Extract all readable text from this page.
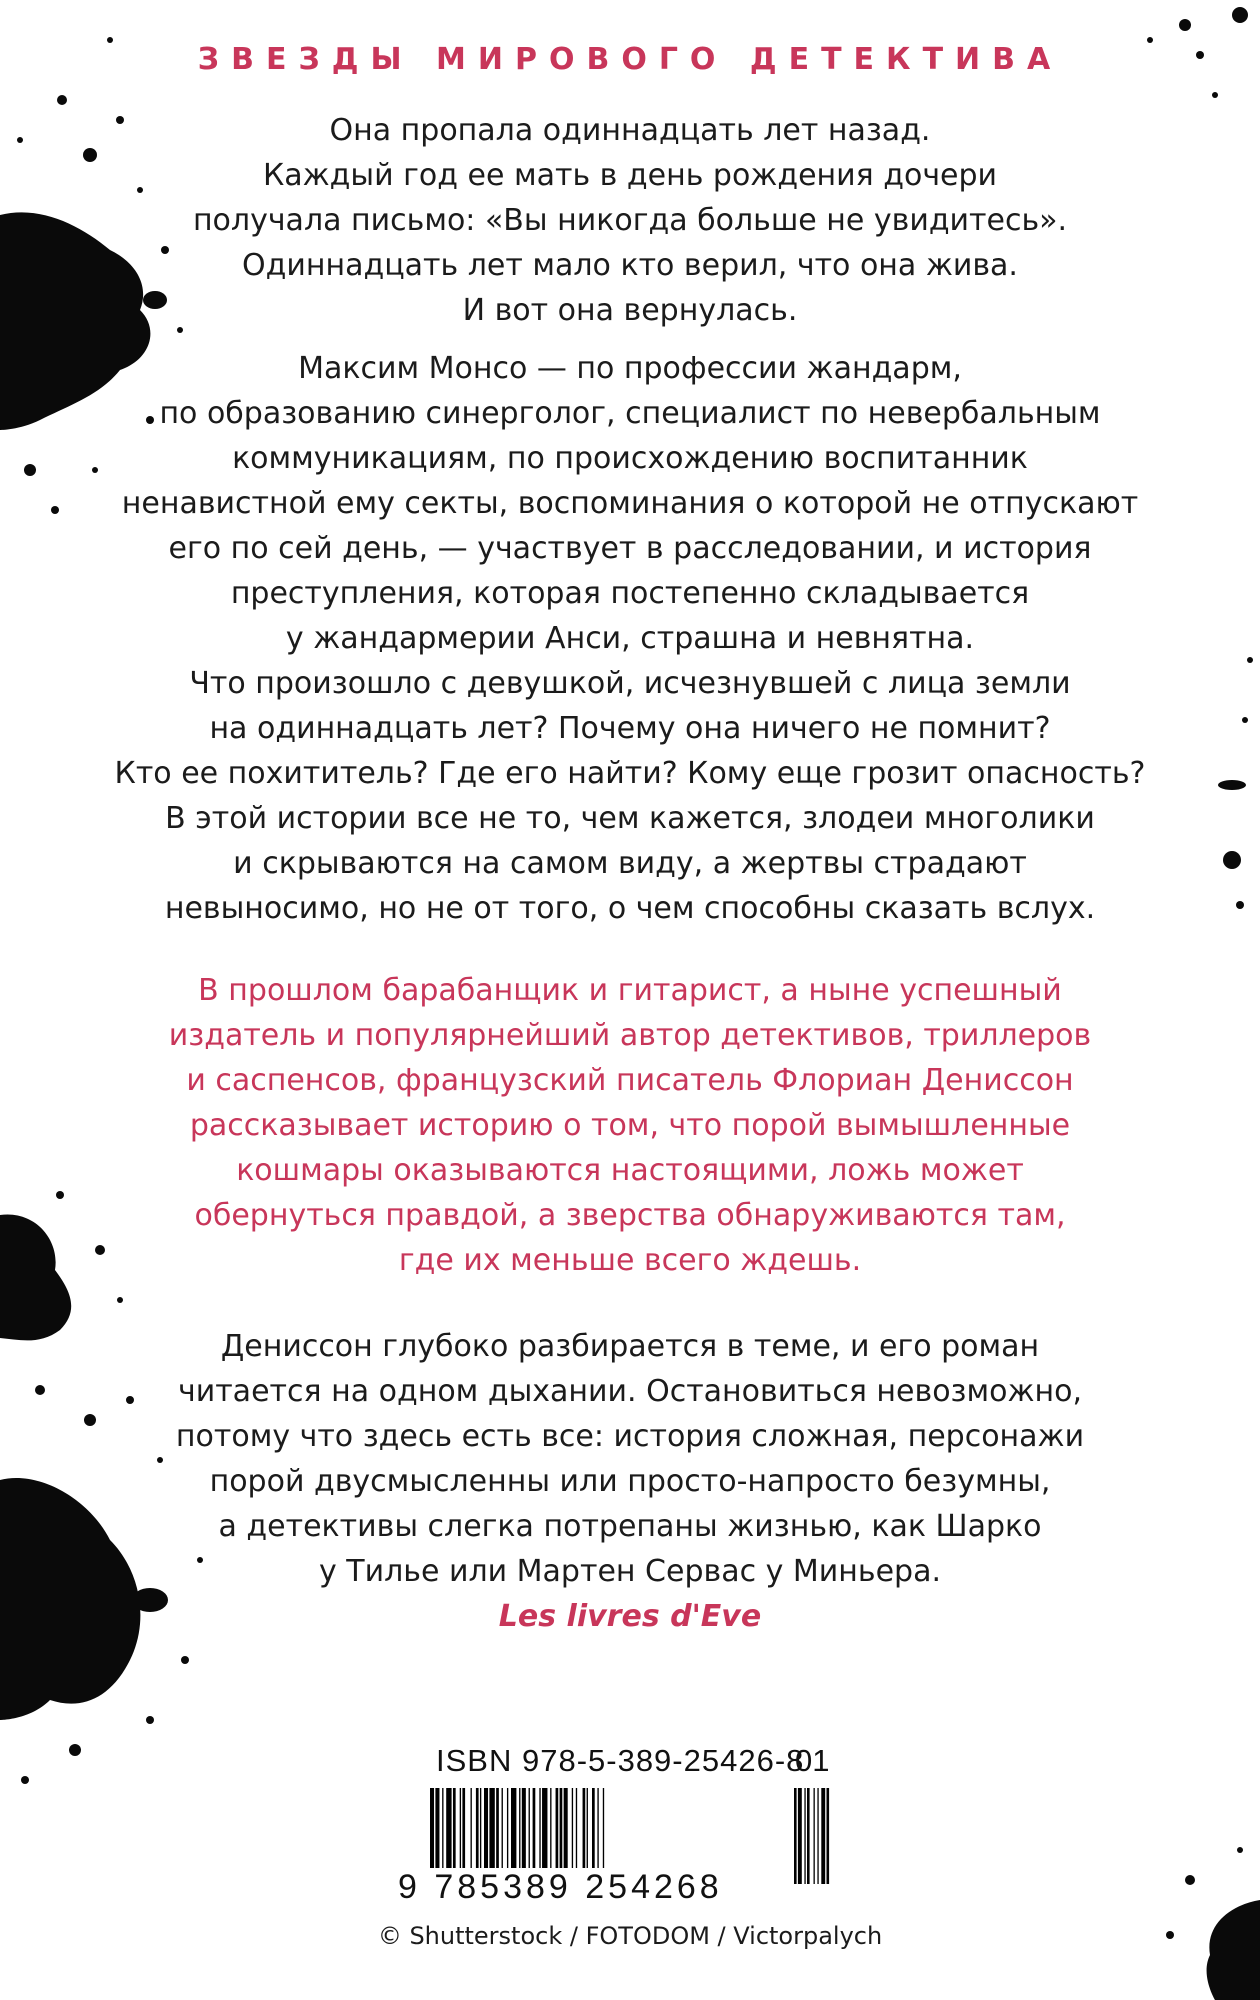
ЗВЕЗДЫ МИРОВОГО ДЕТЕКТИВА
Она пропала одиннадцать лет назад.
Каждый год ее мать в день рождения дочери
получала письмо: «Вы никогда больше не увидитесь».
Одиннадцать лет мало кто верил, что она жива.
И вот она вернулась.
Максим Монсо — по профессии жандарм,
по образованию синерголог, специалист по невербальным
коммуникациям, по происхождению воспитанник
ненавистной ему секты, воспоминания о которой не отпускают
его по сей день, — участвует в расследовании, и история
преступления, которая постепенно складывается
у жандармерии Анси, страшна и невнятна.
Что произошло с девушкой, исчезнувшей с лица земли
на одиннадцать лет? Почему она ничего не помнит?
Кто ее похититель? Где его найти? Кому еще грозит опасность?
В этой истории все не то, чем кажется, злодеи многолики
и скрываются на самом виду, а жертвы страдают
невыносимо, но не от того, о чем способны сказать вслух.
В прошлом барабанщик и гитарист, а ныне успешный
издатель и популярнейший автор детективов, триллеров
и саспенсов, французский писатель Флориан Дениссон
рассказывает историю о том, что порой вымышленные
кошмары оказываются настоящими, ложь может
обернуться правдой, а зверства обнаруживаются там,
где их меньше всего ждешь.
Дениссон глубоко разбирается в теме, и его роман
читается на одном дыхании. Остановиться невозможно,
потому что здесь есть все: история сложная, персонажи
порой двусмысленны или просто-напросто безумны,
а детективы слегка потрепаны жизнью, как Шарко
у Тилье или Мартен Сервас у Миньера.
Les livres d'Eve
ISBN 978-5-389-25426-8
01
9 785389 254268
© Shutterstock / FOTODOM / Victorpalych
